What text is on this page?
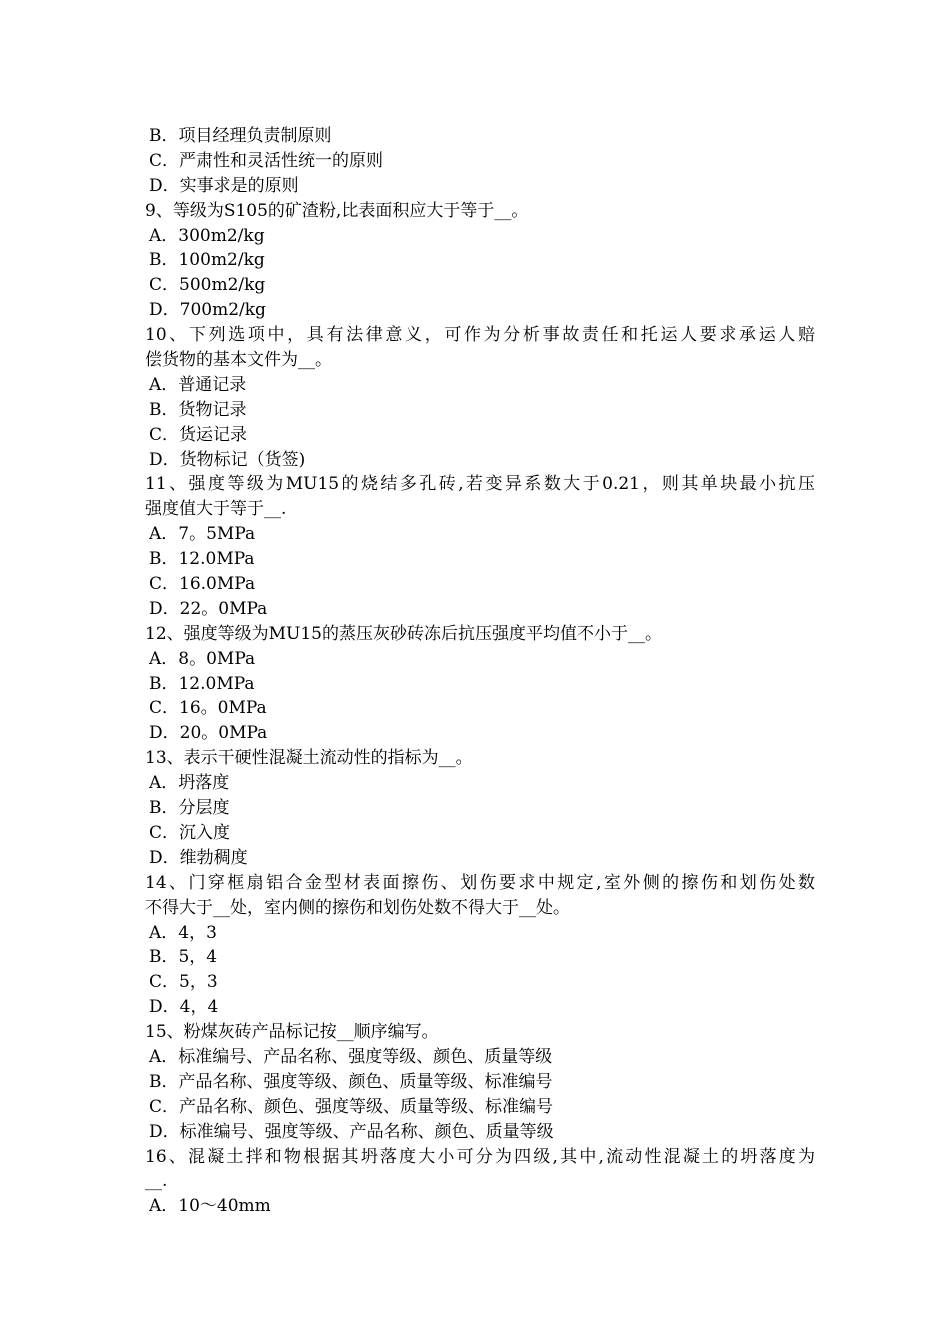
B．项目经理负责制原则
C．严肃性和灵活性统一的原则
D．实事求是的原则
9、等级为S105的矿渣粉,比表面积应大于等于__。
A．300m2/kg
B．100m2/kg
C．500m2/kg
D．700m2/kg
10、下列选项中，具有法律意义，可作为分析事故责任和托运人要求承运人赔
偿货物的基本文件为__。
A．普通记录
B．货物记录
C．货运记录
D．货物标记（货签)
11、强度等级为MU15的烧结多孔砖,若变异系数大于0.21，则其单块最小抗压
强度值大于等于__.
A．7。5MPa
B．12.0MPa
C．16.0MPa
D．22。0MPa
12、强度等级为MU15的蒸压灰砂砖冻后抗压强度平均值不小于__。
A．8。0MPa
B．12.0MPa
C．16。0MPa
D．20。0MPa
13、表示干硬性混凝土流动性的指标为__。
A．坍落度
B．分层度
C．沉入度
D．维勃稠度
14、门穿框扇铝合金型材表面擦伤、划伤要求中规定,室外侧的擦伤和划伤处数
不得大于__处，室内侧的擦伤和划伤处数不得大于__处。
A．4，3
B．5，4
C．5，3
D．4，4
15、粉煤灰砖产品标记按__顺序编写。
A．标准编号、产品名称、强度等级、颜色、质量等级
B．产品名称、强度等级、颜色、质量等级、标准编号
C．产品名称、颜色、强度等级、质量等级、标准编号
D．标准编号、强度等级、产品名称、颜色、质量等级
16、混凝土拌和物根据其坍落度大小可分为四级,其中,流动性混凝土的坍落度为
__.
A．10～40mm
